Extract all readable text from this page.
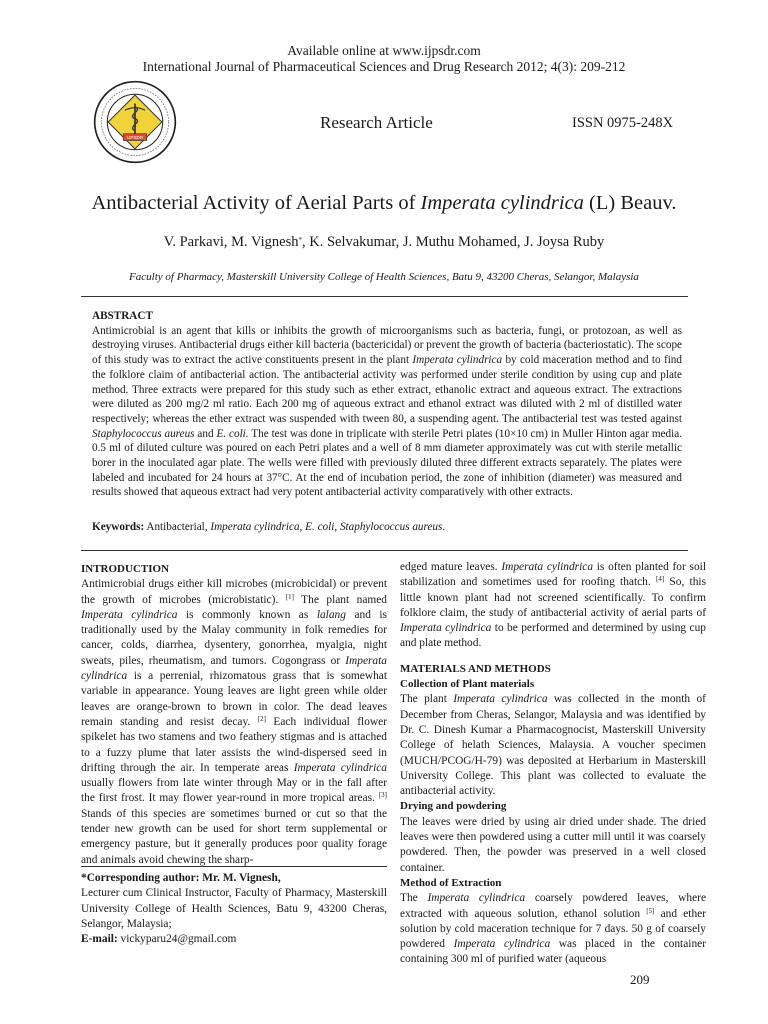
Available online at www.ijpsdr.com
International Journal of Pharmaceutical Sciences and Drug Research 2012; 4(3): 209-212
IJPSDR
Research Article	ISSN 0975-248X
Antibacterial Activity of Aerial Parts of Imperata cylindrica (L) Beauv.
V. Parkavi, M. Vignesh*, K. Selvakumar, J. Muthu Mohamed, J. Joysa Ruby
Faculty of Pharmacy, Masterskill University College of Health Sciences, Batu 9, 43200 Cheras, Selangor, Malaysia
ABSTRACT
Antimicrobial is an agent that kills or inhibits the growth of microorganisms such as bacteria, fungi, or protozoan, as well as destroying viruses. Antibacterial drugs either kill bacteria (bactericidal) or prevent the growth of bacteria (bacteriostatic). The scope of this study was to extract the active constituents present in the plant Imperata cylindrica by cold maceration method and to find the folklore claim of antibacterial action. The antibacterial activity was performed under sterile condition by using cup and plate method. Three extracts were prepared for this study such as ether extract, ethanolic extract and aqueous extract. The extractions were diluted as 200 mg/2 ml ratio. Each 200 mg of aqueous extract and ethanol extract was diluted with 2 ml of distilled water respectively; whereas the ether extract was suspended with tween 80, a suspending agent. The antibacterial test was tested against Staphylococcus aureus and E. coli. The test was done in triplicate with sterile Petri plates (10×10 cm) in Muller Hinton agar media. 0.5 ml of diluted culture was poured on each Petri plates and a well of 8 mm diameter approximately was cut with sterile metallic borer in the inoculated agar plate. The wells were filled with previously diluted three different extracts separately. The plates were labeled and incubated for 24 hours at 37°C. At the end of incubation period, the zone of inhibition (diameter) was measured and results showed that aqueous extract had very potent antibacterial activity comparatively with other extracts.
Keywords: Antibacterial, Imperata cylindrica, E. coli, Staphylococcus aureus.
INTRODUCTION

Antimicrobial drugs either kill microbes (microbicidal) or prevent the growth of microbes (microbistatic). [1] The plant named Imperata cylindrica is commonly known as lalang and is traditionally used by the Malay community in folk remedies for cancer, colds, diarrhea, dysentery, gonorrhea, myalgia, night sweats, piles, rheumatism, and tumors. Cogongrass or Imperata cylindrica is a perrenial, rhizomatous grass that is somewhat variable in appearance. Young leaves are light green while older leaves are orange-brown to brown in color. The dead leaves remain standing and resist decay. [2] Each individual flower spikelet has two stamens and two feathery stigmas and is attached to a fuzzy plume that later assists the wind-dispersed seed in drifting through the air. In temperate areas Imperata cylindrica usually flowers from late winter through May or in the fall after the first frost. It may flower year-round in more tropical areas. [3] Stands of this species are sometimes burned or cut so that the tender new growth can be used for short term supplemental or emergency pasture, but it generally produces poor quality forage and animals avoid chewing the sharp-

*Corresponding author: Mr. M. Vignesh,

Lecturer cum Clinical Instructor, Faculty of Pharmacy, Masterskill University College of Health Sciences, Batu 9, 43200 Cheras, Selangor, Malaysia;

E-mail: vickyparu24@gmail.com

edged mature leaves. Imperata cylindrica is often planted for soil stabilization and sometimes used for roofing thatch. [4] So, this little known plant had not screened scientifically. To confirm folklore claim, the study of antibacterial activity of aerial parts of Imperata cylindrica to be performed and determined by using cup and plate method.

MATERIALS AND METHODS
Collection of Plant materials

The plant Imperata cylindrica was collected in the month of December from Cheras, Selangor, Malaysia and was identified by Dr. C. Dinesh Kumar a Pharmacognocist, Masterskill University College of helath Sciences, Malaysia. A voucher specimen (MUCH/PCOG/H-79) was deposited at Herbarium in Masterskill University College. This plant was collected to evaluate the antibacterial activity.

Drying and powdering

The leaves were dried by using air dried under shade. The dried leaves were then powdered using a cutter mill until it was coarsely powdered. Then, the powder was preserved in a well closed container.

Method of Extraction

The Imperata cylindrica coarsely powdered leaves, where extracted with aqueous solution, ethanol solution [5] and ether solution by cold maceration technique for 7 days. 50 g of coarsely powdered Imperata cylindrica was placed in the container containing 300 ml of purified water (aqueous

209
